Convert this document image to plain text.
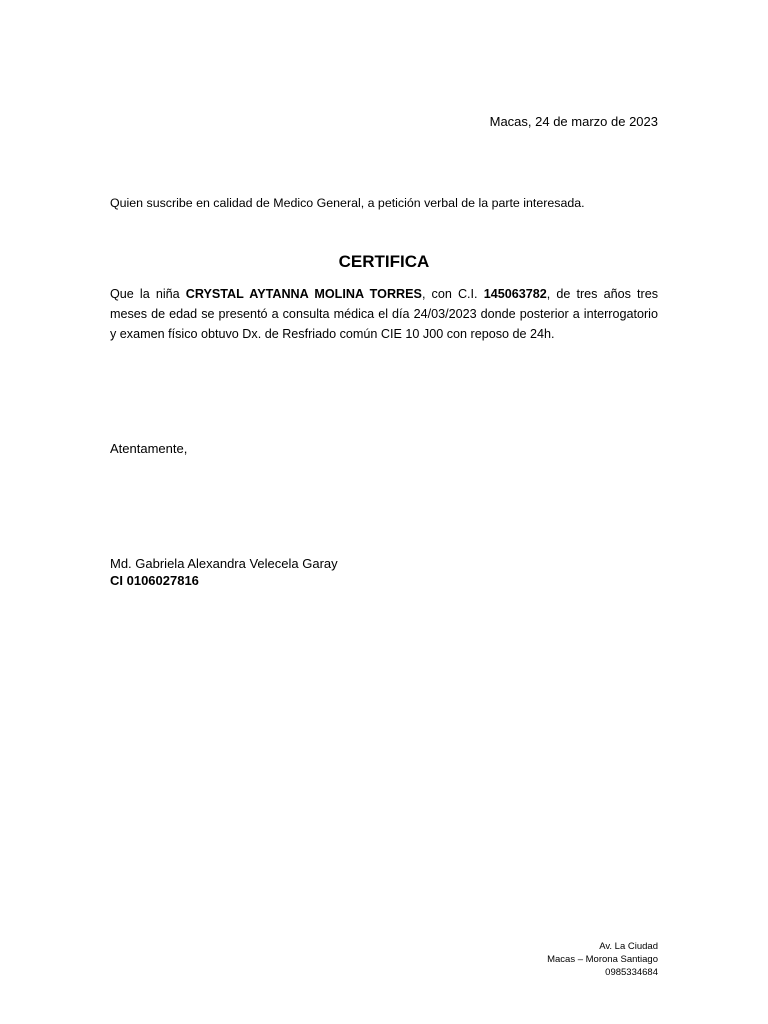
Macas, 24 de marzo de 2023
Quien suscribe en calidad de Medico General, a petición verbal de la parte interesada.
CERTIFICA
Que la niña CRYSTAL AYTANNA MOLINA TORRES, con C.I. 145063782, de tres años tres meses de edad se presentó a consulta médica el día 24/03/2023 donde posterior a interrogatorio y examen físico obtuvo Dx. de Resfriado común CIE 10 J00 con reposo de 24h.
Atentamente,
Md. Gabriela Alexandra Velecela Garay
CI 0106027816
Av. La Ciudad
Macas – Morona Santiago
0985334684
